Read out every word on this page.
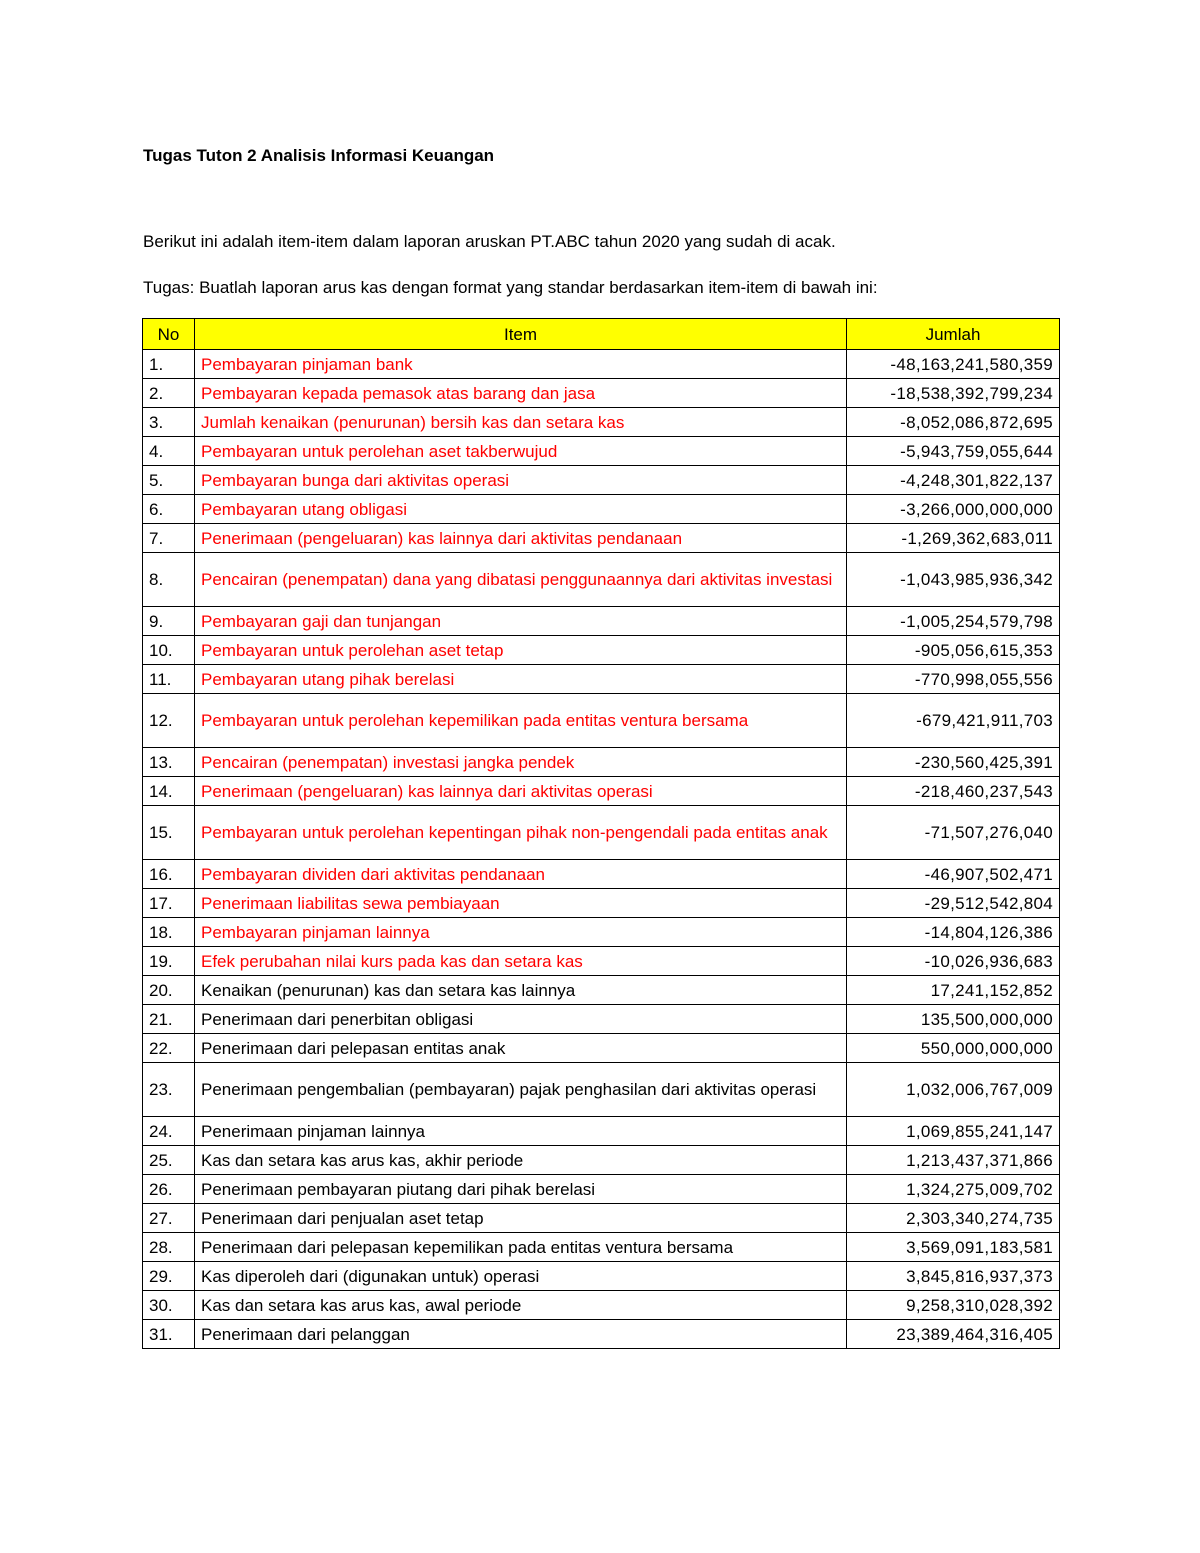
Tugas Tuton 2 Analisis Informasi Keuangan

Berikut ini adalah item-item dalam laporan aruskan PT.ABC tahun 2020 yang sudah di acak.

Tugas: Buatlah laporan arus kas dengan format yang standar berdasarkan item-item di bawah ini:

No	Item	Jumlah
1.	Pembayaran pinjaman bank	-48,163,241,580,359
2.	Pembayaran kepada pemasok atas barang dan jasa	-18,538,392,799,234
3.	Jumlah kenaikan (penurunan) bersih kas dan setara kas	-8,052,086,872,695
4.	Pembayaran untuk perolehan aset takberwujud	-5,943,759,055,644
5.	Pembayaran bunga dari aktivitas operasi	-4,248,301,822,137
6.	Pembayaran utang obligasi	-3,266,000,000,000
7.	Penerimaan (pengeluaran) kas lainnya dari aktivitas pendanaan	-1,269,362,683,011
8.	Pencairan (penempatan) dana yang dibatasi penggunaannya dari aktivitas investasi	-1,043,985,936,342
9.	Pembayaran gaji dan tunjangan	-1,005,254,579,798
10.	Pembayaran untuk perolehan aset tetap	-905,056,615,353
11.	Pembayaran utang pihak berelasi	-770,998,055,556
12.	Pembayaran untuk perolehan kepemilikan pada entitas ventura bersama	-679,421,911,703
13.	Pencairan (penempatan) investasi jangka pendek	-230,560,425,391
14.	Penerimaan (pengeluaran) kas lainnya dari aktivitas operasi	-218,460,237,543
15.	Pembayaran untuk perolehan kepentingan pihak non-pengendali pada entitas anak	-71,507,276,040
16.	Pembayaran dividen dari aktivitas pendanaan	-46,907,502,471
17.	Penerimaan liabilitas sewa pembiayaan	-29,512,542,804
18.	Pembayaran pinjaman lainnya	-14,804,126,386
19.	Efek perubahan nilai kurs pada kas dan setara kas	-10,026,936,683
20.	Kenaikan (penurunan) kas dan setara kas lainnya	17,241,152,852
21.	Penerimaan dari penerbitan obligasi	135,500,000,000
22.	Penerimaan dari pelepasan entitas anak	550,000,000,000
23.	Penerimaan pengembalian (pembayaran) pajak penghasilan dari aktivitas operasi	1,032,006,767,009
24.	Penerimaan pinjaman lainnya	1,069,855,241,147
25.	Kas dan setara kas arus kas, akhir periode	1,213,437,371,866
26.	Penerimaan pembayaran piutang dari pihak berelasi	1,324,275,009,702
27.	Penerimaan dari penjualan aset tetap	2,303,340,274,735
28.	Penerimaan dari pelepasan kepemilikan pada entitas ventura bersama	3,569,091,183,581
29.	Kas diperoleh dari (digunakan untuk) operasi	3,845,816,937,373
30.	Kas dan setara kas arus kas, awal periode	9,258,310,028,392
31.	Penerimaan dari pelanggan	23,389,464,316,405
